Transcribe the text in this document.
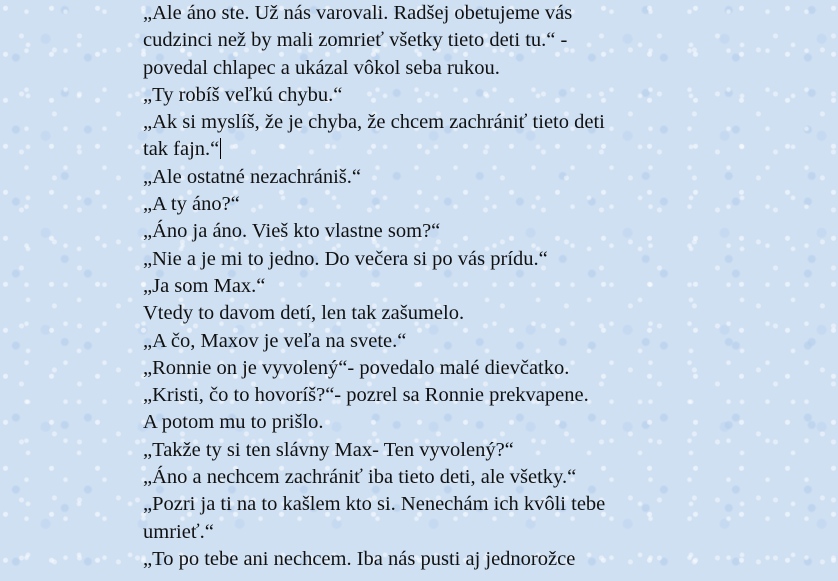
„Ale áno ste. Už nás varovali. Radšej obetujeme vás

cudzinci než by mali zomrieť všetky tieto deti tu.“ -

povedal chlapec a ukázal vôkol seba rukou.

„Ty robíš veľkú chybu.“

„Ak si myslíš, že je chyba, že chcem zachrániť tieto deti

tak fajn.“

„Ale ostatné nezachrániš.“

„A ty áno?“

„Áno ja áno. Vieš kto vlastne som?“

„Nie a je mi to jedno. Do večera si po vás prídu.“

„Ja som Max.“

Vtedy to davom detí, len tak zašumelo.

„A čo, Maxov je veľa na svete.“

„Ronnie on je vyvolený“- povedalo malé dievčatko.

„Kristi, čo to hovoríš?“- pozrel sa Ronnie prekvapene.

A potom mu to prišlo.

„Takže ty si ten slávny Max- Ten vyvolený?“

„Áno a nechcem zachrániť iba tieto deti, ale všetky.“

„Pozri ja ti na to kašlem kto si. Nenechám ich kvôli tebe

umrieť.“

„To po tebe ani nechcem. Iba nás pusti aj jednorožce
